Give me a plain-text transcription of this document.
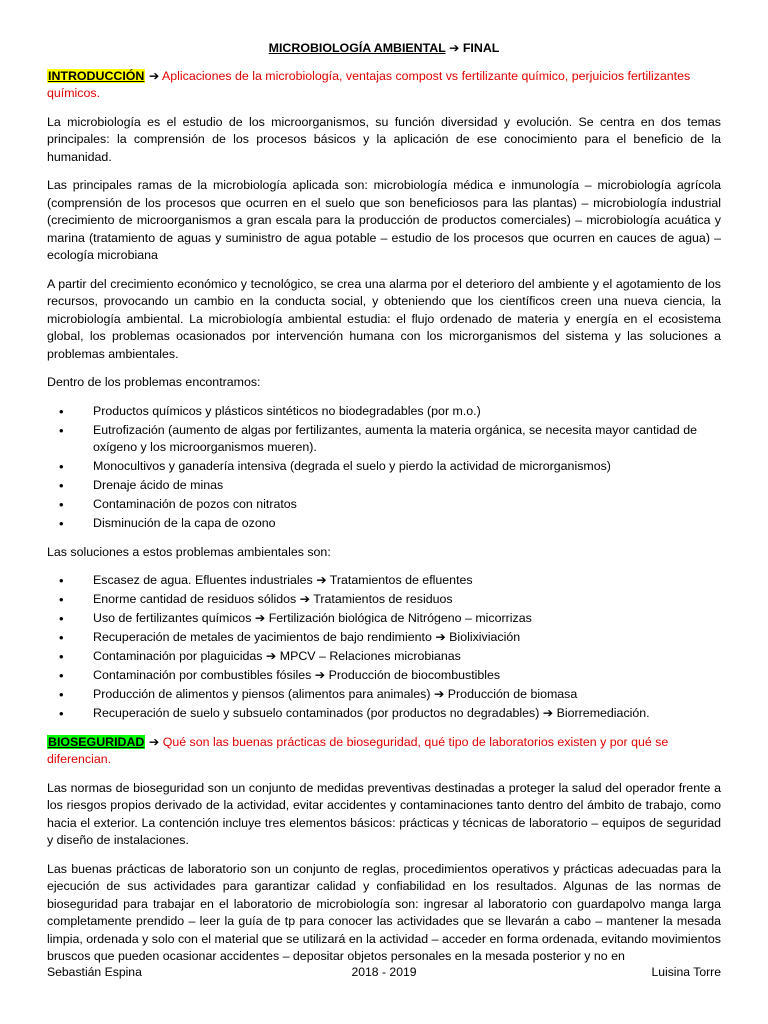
MICROBIOLOGÍA AMBIENTAL ➔ FINAL
INTRODUCCIÓN ➔ Aplicaciones de la microbiología, ventajas compost vs fertilizante químico, perjuicios fertilizantes químicos.

La microbiología es el estudio de los microorganismos, su función diversidad y evolución. Se centra en dos temas principales: la comprensión de los procesos básicos y la aplicación de ese conocimiento para el beneficio de la humanidad.

Las principales ramas de la microbiología aplicada son: microbiología médica e inmunología – microbiología agrícola (comprensión de los procesos que ocurren en el suelo que son beneficiosos para las plantas) – microbiología industrial (crecimiento de microorganismos a gran escala para la producción de productos comerciales) – microbiología acuática y marina (tratamiento de aguas y suministro de agua potable – estudio de los procesos que ocurren en cauces de agua) – ecología microbiana

A partir del crecimiento económico y tecnológico, se crea una alarma por el deterioro del ambiente y el agotamiento de los recursos, provocando un cambio en la conducta social, y obteniendo que los científicos creen una nueva ciencia, la microbiología ambiental. La microbiología ambiental estudia: el flujo ordenado de materia y energía en el ecosistema global, los problemas ocasionados por intervención humana con los microrganismos del sistema y las soluciones a problemas ambientales.

Dentro de los problemas encontramos:

• Productos químicos y plásticos sintéticos no biodegradables (por m.o.)
• Eutrofización (aumento de algas por fertilizantes, aumenta la materia orgánica, se necesita mayor cantidad de oxígeno y los microorganismos mueren).
• Monocultivos y ganadería intensiva (degrada el suelo y pierdo la actividad de microrganismos)
• Drenaje ácido de minas
• Contaminación de pozos con nitratos
• Disminución de la capa de ozono

Las soluciones a estos problemas ambientales son:

• Escasez de agua. Efluentes industriales ➔ Tratamientos de efluentes
• Enorme cantidad de residuos sólidos ➔ Tratamientos de residuos
• Uso de fertilizantes químicos ➔ Fertilización biológica de Nitrógeno – micorrizas
• Recuperación de metales de yacimientos de bajo rendimiento ➔ Biolixiviación
• Contaminación por plaguicidas ➔ MPCV – Relaciones microbianas
• Contaminación por combustibles fósiles ➔ Producción de biocombustibles
• Producción de alimentos y piensos (alimentos para animales) ➔ Producción de biomasa
• Recuperación de suelo y subsuelo contaminados (por productos no degradables) ➔ Biorremediación.
BIOSEGURIDAD ➔ Qué son las buenas prácticas de bioseguridad, qué tipo de laboratorios existen y por qué se diferencian.

Las normas de bioseguridad son un conjunto de medidas preventivas destinadas a proteger la salud del operador frente a los riesgos propios derivado de la actividad, evitar accidentes y contaminaciones tanto dentro del ámbito de trabajo, como hacia el exterior. La contención incluye tres elementos básicos: prácticas y técnicas de laboratorio – equipos de seguridad y diseño de instalaciones.

Las buenas prácticas de laboratorio son un conjunto de reglas, procedimientos operativos y prácticas adecuadas para la ejecución de sus actividades para garantizar calidad y confiabilidad en los resultados. Algunas de las normas de bioseguridad para trabajar en el laboratorio de microbiología son: ingresar al laboratorio con guardapolvo manga larga completamente prendido – leer la guía de tp para conocer las actividades que se llevarán a cabo – mantener la mesada limpia, ordenada y solo con el material que se utilizará en la actividad – acceder en forma ordenada, evitando movimientos bruscos que pueden ocasionar accidentes – depositar objetos personales en la mesada posterior y no en

Sebastián Espina	2018 - 2019	Luisina Torre
